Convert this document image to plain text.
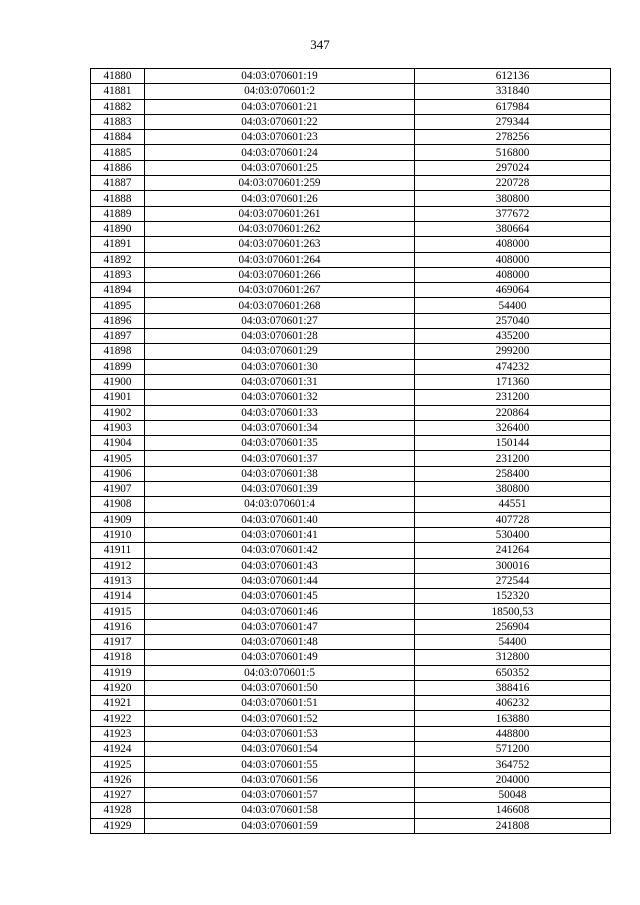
347
41880	04:03:070601:19	612136
41881	04:03:070601:2	331840
41882	04:03:070601:21	617984
41883	04:03:070601:22	279344
41884	04:03:070601:23	278256
41885	04:03:070601:24	516800
41886	04:03:070601:25	297024
41887	04:03:070601:259	220728
41888	04:03:070601:26	380800
41889	04:03:070601:261	377672
41890	04:03:070601:262	380664
41891	04:03:070601:263	408000
41892	04:03:070601:264	408000
41893	04:03:070601:266	408000
41894	04:03:070601:267	469064
41895	04:03:070601:268	54400
41896	04:03:070601:27	257040
41897	04:03:070601:28	435200
41898	04:03:070601:29	299200
41899	04:03:070601:30	474232
41900	04:03:070601:31	171360
41901	04:03:070601:32	231200
41902	04:03:070601:33	220864
41903	04:03:070601:34	326400
41904	04:03:070601:35	150144
41905	04:03:070601:37	231200
41906	04:03:070601:38	258400
41907	04:03:070601:39	380800
41908	04:03:070601:4	44551
41909	04:03:070601:40	407728
41910	04:03:070601:41	530400
41911	04:03:070601:42	241264
41912	04:03:070601:43	300016
41913	04:03:070601:44	272544
41914	04:03:070601:45	152320
41915	04:03:070601:46	18500,53
41916	04:03:070601:47	256904
41917	04:03:070601:48	54400
41918	04:03:070601:49	312800
41919	04:03:070601:5	650352
41920	04:03:070601:50	388416
41921	04:03:070601:51	406232
41922	04:03:070601:52	163880
41923	04:03:070601:53	448800
41924	04:03:070601:54	571200
41925	04:03:070601:55	364752
41926	04:03:070601:56	204000
41927	04:03:070601:57	50048
41928	04:03:070601:58	146608
41929	04:03:070601:59	241808
